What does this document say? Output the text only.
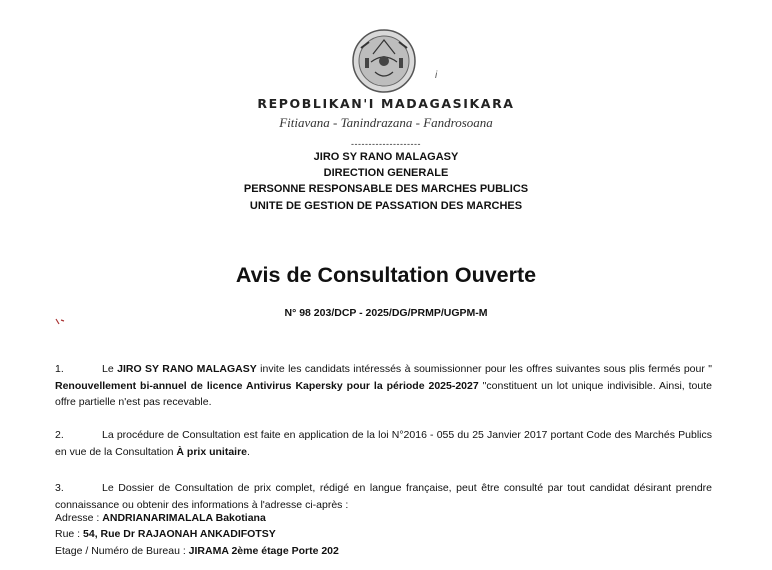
i
REPOBLIKAN'I MADAGASIKARA
Fitiavana - Tanindrazana - Fandrosoana
--------------------
JIRO SY RANO MALAGASY
DIRECTION GENERALE
PERSONNE RESPONSABLE DES MARCHES PUBLICS
UNITE DE GESTION DE PASSATION DES MARCHES
Avis de Consultation Ouverte
N° 98 203/DCP - 2025/DG/PRMP/UGPM-M

1.	Le JIRO SY RANO MALAGASY invite les candidats intéressés à soumissionner pour les offres suivantes sous plis fermés pour " Renouvellement bi-annuel de licence Antivirus Kapersky pour la période 2025-2027 "constituent un lot unique indivisible. Ainsi, toute offre partielle n'est pas recevable.

2.	La procédure de Consultation est faite en application de la loi N°2016 - 055 du 25 Janvier 2017 portant Code des Marchés Publics en vue de la Consultation À prix unitaire.

3.	Le Dossier de Consultation de prix complet, rédigé en langue française, peut être consulté par tout candidat désirant prendre connaissance ou obtenir des informations à l'adresse ci-après :

Adresse : ANDRIANARIMALALA Bakotiana
Rue : 54, Rue Dr RAJAONAH ANKADIFOTSY
Etage / Numéro de Bureau : JIRAMA 2ème étage Porte 202
